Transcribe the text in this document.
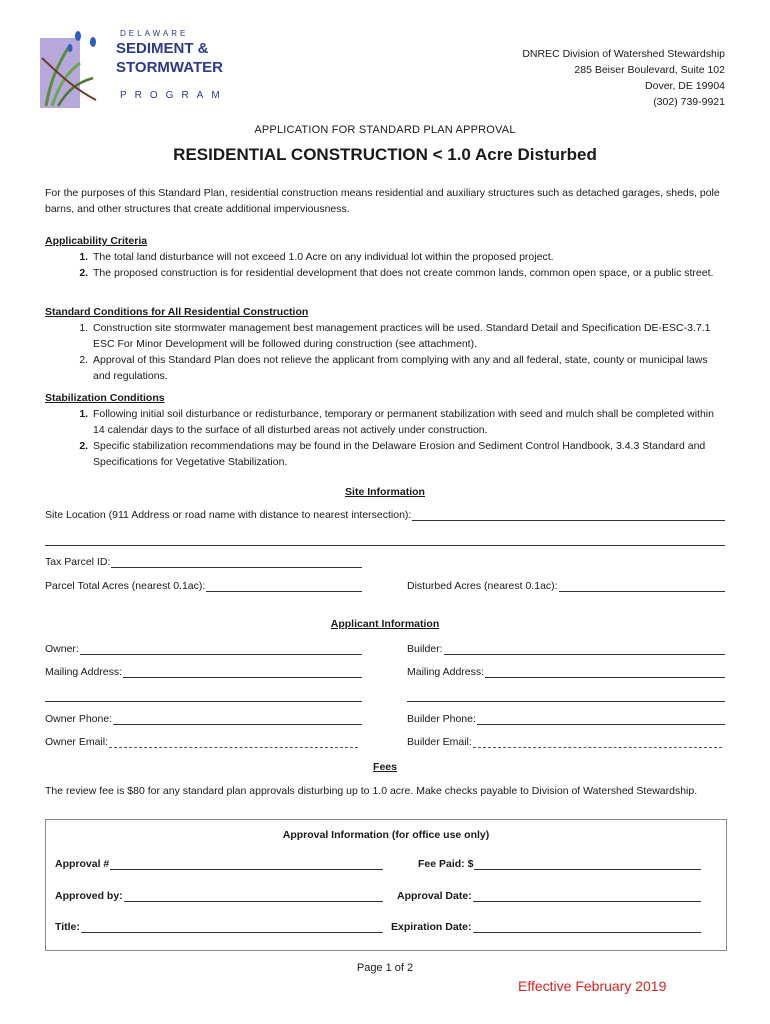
DELAWARE
SEDIMENT &
STORMWATER
PROGRAM
DNREC Division of Watershed Stewardship
285 Beiser Boulevard, Suite 102
Dover, DE 19904
(302) 739-9921
APPLICATION FOR STANDARD PLAN APPROVAL
RESIDENTIAL CONSTRUCTION < 1.0 Acre Disturbed
For the purposes of this Standard Plan, residential construction means residential and auxiliary structures such as detached garages, sheds, pole barns, and other structures that create additional imperviousness.
Applicability Criteria
1. The total land disturbance will not exceed 1.0 Acre on any individual lot within the proposed project.
2. The proposed construction is for residential development that does not create common lands, common open space, or a public street.
Standard Conditions for All Residential Construction
1. Construction site stormwater management best management practices will be used. Standard Detail and Specification DE-ESC-3.7.1 ESC For Minor Development will be followed during construction (see attachment).
2. Approval of this Standard Plan does not relieve the applicant from complying with any and all federal, state, county or municipal laws and regulations.
Stabilization Conditions
1. Following initial soil disturbance or redisturbance, temporary or permanent stabilization with seed and mulch shall be completed within 14 calendar days to the surface of all disturbed areas not actively under construction.
2. Specific stabilization recommendations may be found in the Delaware Erosion and Sediment Control Handbook, 3.4.3 Standard and Specifications for Vegetative Stabilization.
Site Information
Site Location (911 Address or road name with distance to nearest intersection):
Tax Parcel ID:
Parcel Total Acres (nearest 0.1ac):	Disturbed Acres (nearest 0.1ac):
Applicant Information
Owner:	Builder:
Mailing Address:	Mailing Address:
Owner Phone:	Builder Phone:
Owner Email:	Builder Email:
Fees
The review fee is $80 for any standard plan approvals disturbing up to 1.0 acre. Make checks payable to Division of Watershed Stewardship.
Approval Information (for office use only)
Approval #	Fee Paid: $
Approved by:	Approval Date:
Title:	Expiration Date:
Page 1 of 2
Effective February 2019
